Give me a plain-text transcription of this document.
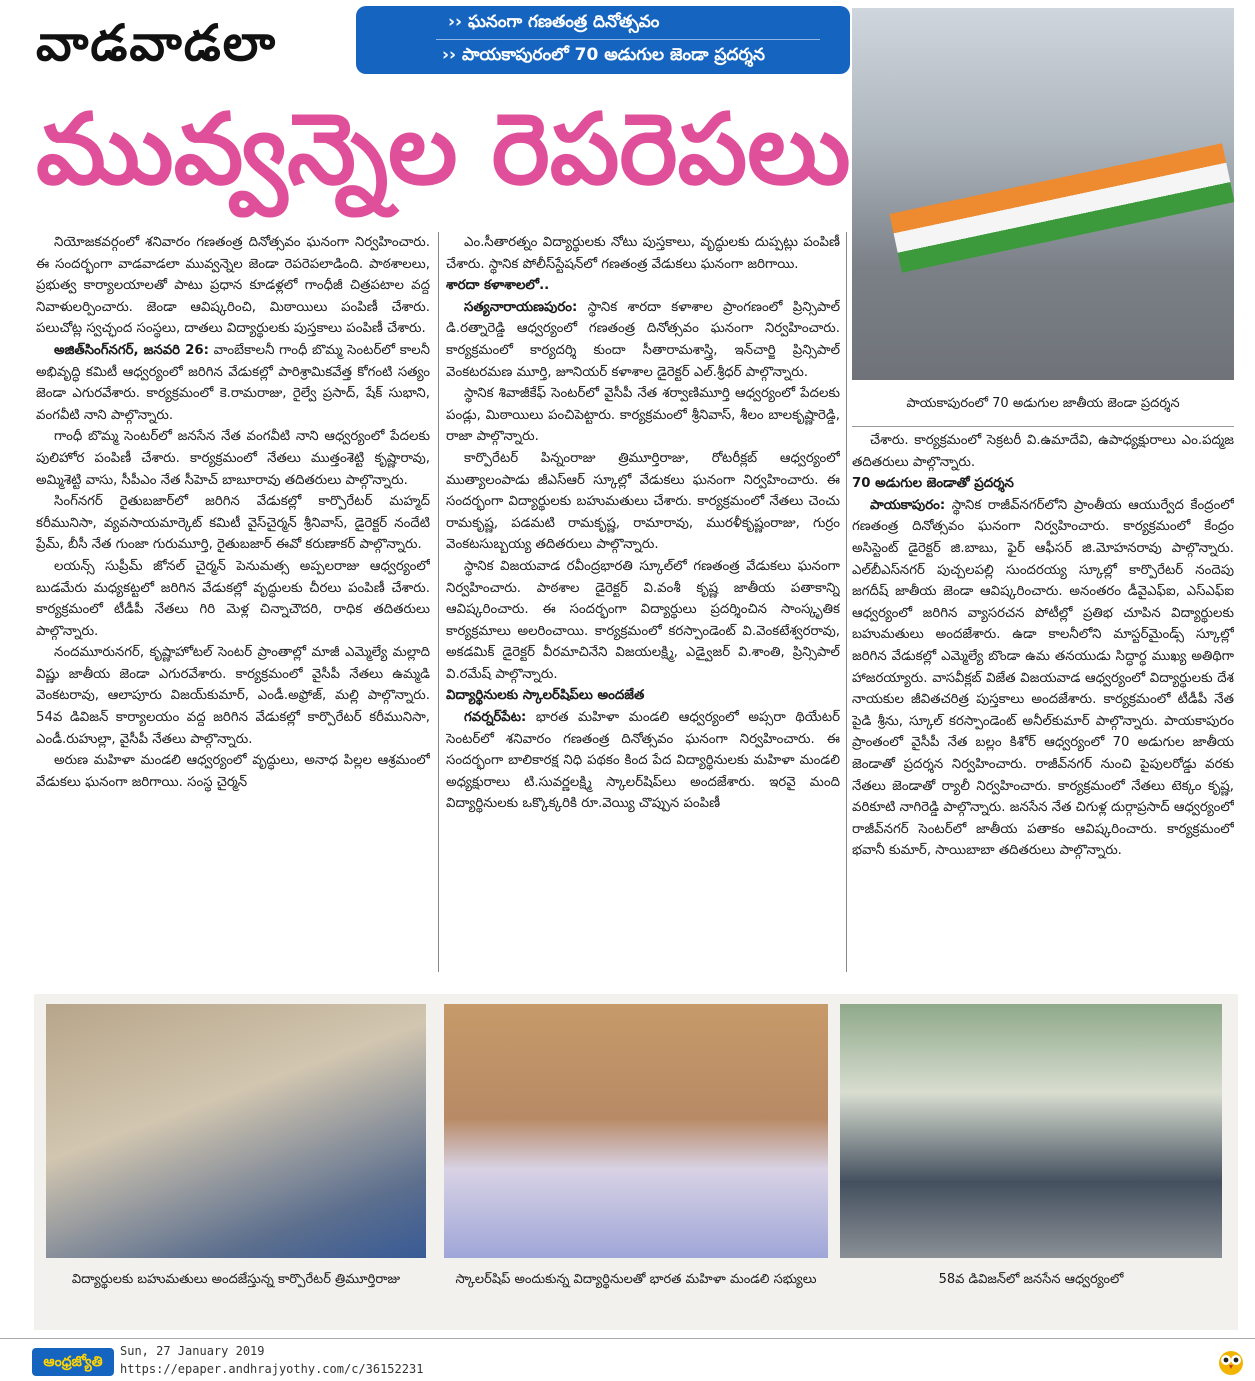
వాడవాడలా	›› ఘనంగా గణతంత్ర దినోత్సవం
›› పాయకాపురంలో 70 అడుగుల జెండా ప్రదర్శన
మువ్వన్నెల రెపరెపలు
పాయకాపురంలో 70 అడుగుల జాతీయ జెండా ప్రదర్శన

నియోజకవర్గంలో శనివారం గణతంత్ర దినోత్సవం ఘనంగా నిర్వహించారు. ఈ సందర్భంగా వాడవాడలా మువ్వన్నెల జెండా రెపరెపలాడింది. పాఠశాలలు, ప్రభుత్వ కార్యాలయాలతో పాటు ప్రధాన కూడళ్లలో గాంధీజీ చిత్రపటాల వద్ద నివాళులర్పించారు. జెండా ఆవిష్కరించి, మిఠాయిలు పంపిణీ చేశారు. పలుచోట్ల స్వచ్ఛంద సంస్థలు, దాతలు విద్యార్థులకు పుస్తకాలు పంపిణీ చేశారు.

అజిత్‌సింగ్‌నగర్, జనవరి 26: వాంబేకాలనీ గాంధీ బొమ్మ సెంటర్‌లో కాలనీ అభివృద్ధి కమిటీ ఆధ్వర్యంలో జరిగిన వేడుకల్లో పారిశ్రామికవేత్త కోగంటి సత్యం జెండా ఎగురవేశారు. కార్యక్రమంలో కె.రామరాజు, రైల్వే ప్రసాద్, షేక్ సుభాని, వంగవీటి నాని పాల్గొన్నారు.

గాంధీ బొమ్మ సెంటర్‌లో జనసేన నేత వంగవీటి నాని ఆధ్వర్యంలో పేదలకు పులిహోర పంపిణీ చేశారు. కార్యక్రమంలో నేతలు ముత్తంశెట్టి కృష్ణారావు, అమ్మిశెట్టి వాసు, సీపీఎం నేత సీహెచ్ బాబూరావు తదితరులు పాల్గొన్నారు.

సింగ్‌నగర్ రైతుబజార్‌లో జరిగిన వేడుకల్లో కార్పొరేటర్ మహ్మద్ కరీమునిసా, వ్యవసాయమార్కెట్ కమిటీ వైస్‌చైర్మన్ శ్రీనివాస్, డైరెక్టర్ నందేటి ప్రేమ్, బీసీ నేత గుంజా గురుమూర్తి, రైతుబజార్ ఈవో కరుణాకర్ పాల్గొన్నారు.

లయన్స్ సుప్రీమ్ జోనల్ చైర్మన్ పెనుమత్స అప్పలరాజు ఆధ్వర్యంలో బుడమేరు మధ్యకట్టలో జరిగిన వేడుకల్లో వృద్ధులకు చీరలు పంపిణీ చేశారు. కార్యక్రమంలో టీడీపీ నేతలు గిరి మెళ్ల చిన్నాచౌదరి, రాధిక తదితరులు పాల్గొన్నారు.

నందమూరునగర్, కృష్ణాహోటల్ సెంటర్ ప్రాంతాల్లో మాజీ ఎమ్మెల్యే మల్లాది విష్ణు జాతీయ జెండా ఎగురవేశారు. కార్యక్రమంలో వైసీపీ నేతలు ఉమ్మడి వెంకటరావు, ఆలాపూరు విజయ్‌కుమార్, ఎండీ.అఫ్రోజ్, మల్లి పాల్గొన్నారు. 54వ డివిజన్ కార్యాలయం వద్ద జరిగిన వేడుకల్లో కార్పొరేటర్ కరీమునిసా, ఎండీ.రుహుల్లా, వైసీపీ నేతలు పాల్గొన్నారు.

అరుణ మహిళా మండలి ఆధ్వర్యంలో వృద్ధులు, అనాధ పిల్లల ఆశ్రమంలో వేడుకలు ఘనంగా జరిగాయి. సంస్థ చైర్మన్

ఎం.సీతారత్నం విద్యార్థులకు నోటు పుస్తకాలు, వృద్ధులకు దుప్పట్లు పంపిణీ చేశారు. స్థానిక పోలీస్‌స్టేషన్‌లో గణతంత్ర వేడుకలు ఘనంగా జరిగాయి.

శారదా కళాశాలలో..

సత్యనారాయణపురం: స్థానిక శారదా కళాశాల ప్రాంగణంలో ప్రిన్సిపాల్ డి.రత్నారెడ్డి ఆధ్వర్యంలో గణతంత్ర దినోత్సవం ఘనంగా నిర్వహించారు. కార్యక్రమంలో కార్యదర్శి కుందా సీతారామశాస్త్రి, ఇన్‌చార్జి ప్రిన్సిపాల్ వెంకటరమణ మూర్తి, జూనియర్ కళాశాల డైరెక్టర్ ఎల్.శ్రీధర్ పాల్గొన్నారు.

స్థానిక శివాజీకేఫ్ సెంటర్‌లో వైసీపీ నేత శర్వాణిమూర్తి ఆధ్వర్యంలో పేదలకు పండ్లు, మిఠాయిలు పంచిపెట్టారు. కార్యక్రమంలో శ్రీనివాస్, శీలం బాలకృష్ణారెడ్డి, రాజా పాల్గొన్నారు.

కార్పొరేటర్ పిన్నంరాజు త్రిమూర్తిరాజు, రోటరీక్లబ్ ఆధ్వర్యంలో ముత్యాలంపాడు జీఎస్ఆర్ స్కూల్లో వేడుకలు ఘనంగా నిర్వహించారు. ఈ సందర్భంగా విద్యార్థులకు బహుమతులు చేశారు. కార్యక్రమంలో నేతలు చెంచు రామకృష్ణ, పడమటి రామకృష్ణ, రామారావు, మురళీకృష్ణంరాజు, గుర్రం వెంకటసుబ్బయ్య తదితరులు పాల్గొన్నారు.

స్థానిక విజయవాడ రవీంద్రభారతి స్కూల్‌లో గణతంత్ర వేడుకలు ఘనంగా నిర్వహించారు. పాఠశాల డైరెక్టర్ వి.వంశీ కృష్ణ జాతీయ పతాకాన్ని ఆవిష్కరించారు. ఈ సందర్భంగా విద్యార్థులు ప్రదర్శించిన సాంస్కృతిక కార్యక్రమాలు అలరించాయి. కార్యక్రమంలో కరస్పాండెంట్ వి.వెంకటేశ్వరరావు, అకడమిక్ డైరెక్టర్ వీరమాచినేని విజయలక్ష్మి, ఎడ్వైజర్ వి.శాంతి, ప్రిన్సిపాల్ వి.రమేష్ పాల్గొన్నారు.

విద్యార్థినులకు స్కాలర్‌షిప్‌లు అందజేత

గవర్నర్‌పేట: భారత మహిళా మండలి ఆధ్వర్యంలో అప్సరా థియేటర్ సెంటర్‌లో శనివారం గణతంత్ర దినోత్సవం ఘనంగా నిర్వహించారు. ఈ సందర్భంగా బాలికారక్ష నిధి పథకం కింద పేద విద్యార్థినులకు మహిళా మండలి అధ్యక్షురాలు టి.సువర్ణలక్ష్మి స్కాలర్‌షిప్‌లు అందజేశారు. ఇరవై మంది విద్యార్థినులకు ఒక్కొక్కరికి రూ.వెయ్యి చొప్పున పంపిణీ

చేశారు. కార్యక్రమంలో సెక్రటరీ వి.ఉమాదేవి, ఉపాధ్యక్షురాలు ఎం.పద్మజ తదితరులు పాల్గొన్నారు.

70 అడుగుల జెండాతో ప్రదర్శన

పాయకాపురం: స్థానిక రాజీవ్‌నగర్‌లోని ప్రాంతీయ ఆయుర్వేద కేంద్రంలో గణతంత్ర దినోత్సవం ఘనంగా నిర్వహించారు. కార్యక్రమంలో కేంద్రం అసిస్టెంట్ డైరెక్టర్ జి.బాబు, ఫైర్ ఆఫీసర్ జి.మోహనరావు పాల్గొన్నారు. ఎల్‌బీఎస్‌నగర్ పుచ్చలపల్లి సుందరయ్య స్కూల్లో కార్పొరేటర్ నందెపు జగదీష్ జాతీయ జెండా ఆవిష్కరించారు. అనంతరం డీవైఎఫ్ఐ, ఎస్ఎఫ్ఐ ఆధ్వర్యంలో జరిగిన వ్యాసరచన పోటీల్లో ప్రతిభ చూపిన విద్యార్థులకు బహుమతులు అందజేశారు. ఉడా కాలనీలోని మాస్టర్‌మైండ్స్ స్కూల్లో జరిగిన వేడుకల్లో ఎమ్మెల్యే బొండా ఉమ తనయుడు సిద్ధార్థ ముఖ్య అతిథిగా హాజరయ్యారు. వాసవీక్లబ్ విజేత విజయవాడ ఆధ్వర్యంలో విద్యార్థులకు దేశ నాయకుల జీవితచరిత్ర పుస్తకాలు అందజేశారు. కార్యక్రమంలో టీడీపీ నేత పైడి శ్రీను, స్కూల్ కరస్పాండెంట్ అనీల్‌కుమార్ పాల్గొన్నారు. పాయకాపురం ప్రాంతంలో వైసీపీ నేత బల్లం కిశోర్ ఆధ్వర్యంలో 70 అడుగుల జాతీయ జెండాతో ప్రదర్శన నిర్వహించారు. రాజీవ్‌నగర్ నుంచి పైపులరోడ్డు వరకు నేతలు జెండాతో ర్యాలీ నిర్వహించారు. కార్యక్రమంలో నేతలు టెక్కం కృష్ణ, వరికూటి నాగిరెడ్డి పాల్గొన్నారు. జనసేన నేత చిగుళ్ల దుర్గాప్రసాద్ ఆధ్వర్యంలో రాజీవ్‌నగర్ సెంటర్‌లో జాతీయ పతాకం ఆవిష్కరించారు. కార్యక్రమంలో భవానీ కుమార్, సాయిబాబా తదితరులు పాల్గొన్నారు.

విద్యార్థులకు బహుమతులు అందజేస్తున్న కార్పొరేటర్ త్రిమూర్తిరాజు	స్కాలర్‌షిప్ అందుకున్న విద్యార్థినులతో భారత మహిళా మండలి సభ్యులు	58వ డివిజన్‌లో జనసేన ఆధ్వర్యంలో
ఆంధ్రజ్యోతి
Sun, 27 January 2019
https://epaper.andhrajyothy.com/c/36152231
